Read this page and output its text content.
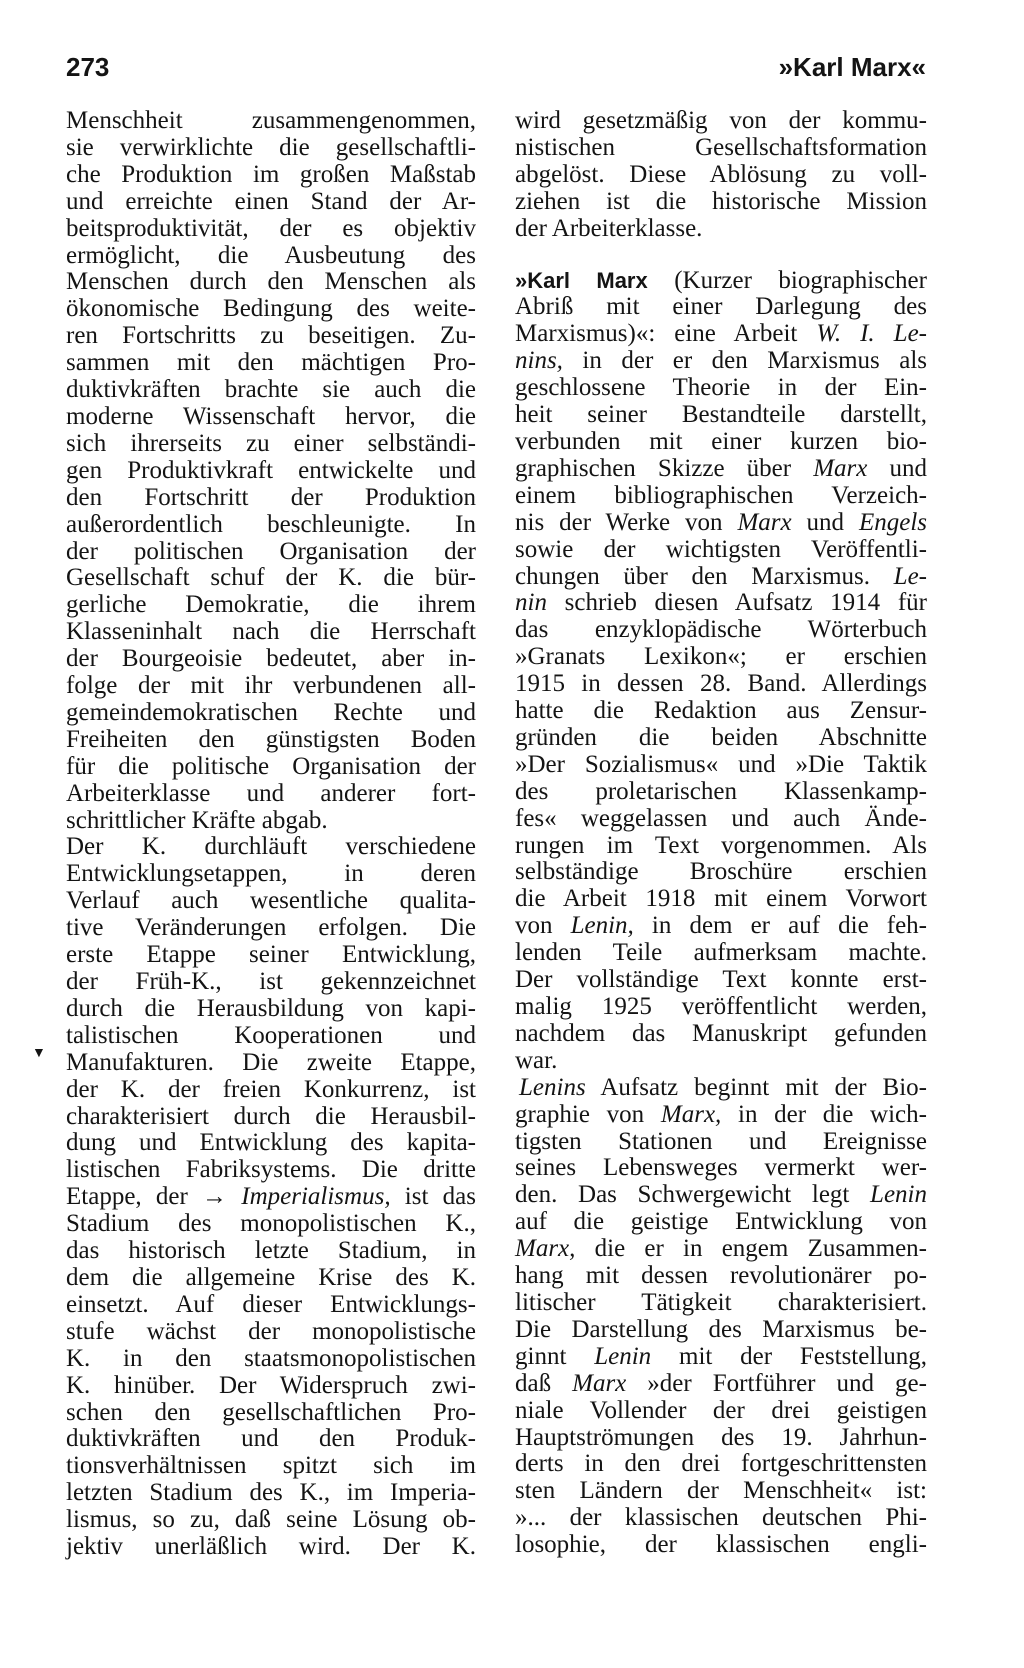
273	»Karl Marx«
▼
Menschheit zusammengenommen,
sie verwirklichte die gesellschaftli-
che Produktion im großen Maßstab
und erreichte einen Stand der Ar-
beitsproduktivität, der es objektiv
ermöglicht, die Ausbeutung des
Menschen durch den Menschen als
ökonomische Bedingung des weite-
ren Fortschritts zu beseitigen. Zu-
sammen mit den mächtigen Pro-
duktivkräften brachte sie auch die
moderne Wissenschaft hervor, die
sich ihrerseits zu einer selbständi-
gen Produktivkraft entwickelte und
den Fortschritt der Produktion
außerordentlich beschleunigte. In
der politischen Organisation der
Gesellschaft schuf der K. die bür-
gerliche Demokratie, die ihrem
Klasseninhalt nach die Herrschaft
der Bourgeoisie bedeutet, aber in-
folge der mit ihr verbundenen all-
gemeindemokratischen Rechte und
Freiheiten den günstigsten Boden
für die politische Organisation der
Arbeiterklasse und anderer fort-
schrittlicher Kräfte abgab.
Der K. durchläuft verschiedene
Entwicklungsetappen, in deren
Verlauf auch wesentliche qualita-
tive Veränderungen erfolgen. Die
erste Etappe seiner Entwicklung,
der Früh-K., ist gekennzeichnet
durch die Herausbildung von kapi-
talistischen Kooperationen und
Manufakturen. Die zweite Etappe,
der K. der freien Konkurrenz, ist
charakterisiert durch die Herausbil-
dung und Entwicklung des kapita-
listischen Fabriksystems. Die dritte
Etappe, der → Imperialismus, ist das
Stadium des monopolistischen K.,
das historisch letzte Stadium, in
dem die allgemeine Krise des K.
einsetzt. Auf dieser Entwicklungs-
stufe wächst der monopolistische
K. in den staatsmonopolistischen
K. hinüber. Der Widerspruch zwi-
schen den gesellschaftlichen Pro-
duktivkräften und den Produk-
tionsverhältnissen spitzt sich im
letzten Stadium des K., im Imperia-
lismus, so zu, daß seine Lösung ob-
jektiv unerläßlich wird. Der K.
wird gesetzmäßig von der kommu-
nistischen Gesellschaftsformation
abgelöst. Diese Ablösung zu voll-
ziehen ist die historische Mission
der Arbeiterklasse.
»Karl Marx (Kurzer biographischer
Abriß mit einer Darlegung des
Marxismus)«: eine Arbeit W. I. Le-
nins, in der er den Marxismus als
geschlossene Theorie in der Ein-
heit seiner Bestandteile darstellt,
verbunden mit einer kurzen bio-
graphischen Skizze über Marx und
einem bibliographischen Verzeich-
nis der Werke von Marx und Engels
sowie der wichtigsten Veröffentli-
chungen über den Marxismus. Le-
nin schrieb diesen Aufsatz 1914 für
das enzyklopädische Wörterbuch
»Granats Lexikon«; er erschien
1915 in dessen 28. Band. Allerdings
hatte die Redaktion aus Zensur-
gründen die beiden Abschnitte
»Der Sozialismus« und »Die Taktik
des proletarischen Klassenkamp-
fes« weggelassen und auch Ände-
rungen im Text vorgenommen. Als
selbständige Broschüre erschien
die Arbeit 1918 mit einem Vorwort
von Lenin, in dem er auf die feh-
lenden Teile aufmerksam machte.
Der vollständige Text konnte erst-
malig 1925 veröffentlicht werden,
nachdem das Manuskript gefunden
war.
Lenins Aufsatz beginnt mit der Bio-
graphie von Marx, in der die wich-
tigsten Stationen und Ereignisse
seines Lebensweges vermerkt wer-
den. Das Schwergewicht legt Lenin
auf die geistige Entwicklung von
Marx, die er in engem Zusammen-
hang mit dessen revolutionärer po-
litischer Tätigkeit charakterisiert.
Die Darstellung des Marxismus be-
ginnt Lenin mit der Feststellung,
daß Marx »der Fortführer und ge-
niale Vollender der drei geistigen
Hauptströmungen des 19. Jahrhun-
derts in den drei fortgeschrittensten
sten Ländern der Menschheit« ist:
»... der klassischen deutschen Phi-
losophie, der klassischen engli-
